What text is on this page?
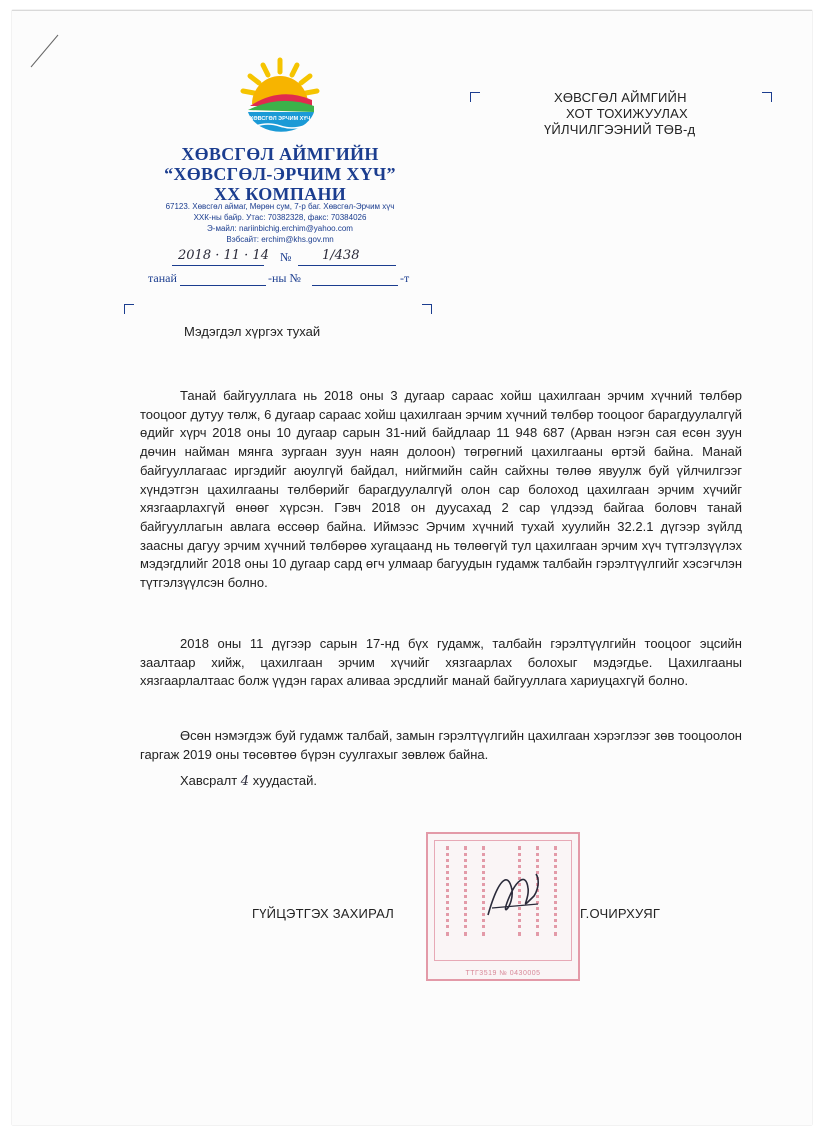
ХӨВСГӨЛ ЭРЧИМ ХҮЧ
ХӨВСГӨЛ АЙМГИЙН
“ХӨВСГӨЛ-ЭРЧИМ ХҮЧ”
ХХ КОМПАНИ
67123. Хөвсгөл аймаг, Мөрөн сум, 7-р баг. Хөвсгөл-Эрчим хүч
ХХК-ны байр. Утас: 70382328, факс: 70384026
Э-майл: nariinbichig.erchim@yahoo.com
Вэбсайт: erchim@khs.gov.mn
2018 · 11 · 14 № 1/438
танай	-ны №	-т
ХӨВСГӨЛ АЙМГИЙН
ХОТ ТОХИЖУУЛАХ
ҮЙЛЧИЛГЭЭНИЙ ТӨВ-д
Мэдэгдэл хүргэх тухай

Танай байгууллага нь 2018 оны 3 дугаар сараас хойш цахилгаан эрчим хүчний төлбөр тооцоог дутуу төлж, 6 дугаар сараас хойш цахилгаан эрчим хүчний төлбөр тооцоог барагдуулалгүй өдийг хүрч 2018 оны 10 дугаар сарын 31-ний байдлаар 11 948 687 (Арван нэгэн сая есөн зуун дөчин найман мянга зургаан зуун наян долоон) төгрөгний цахилгааны өртэй байна. Манай байгууллагаас иргэдийг аюулгүй байдал, нийгмийн сайн сайхны төлөө явуулж буй үйлчилгээг хүндэтгэн цахилгааны төлбөрийг барагдуулалгүй олон сар болоход цахилгаан эрчим хүчийг хязгаарлахгүй өнөөг хүрсэн. Гэвч 2018 он дуусахад 2 сар үлдээд байгаа боловч танай байгууллагын авлага өссөөр байна. Иймээс Эрчим хүчний тухай хуулийн 32.2.1 дүгээр зүйлд заасны дагуу эрчим хүчний төлбөрөө хугацаанд нь төлөөгүй тул цахилгаан эрчим хүч түтгэлзүүлэх мэдэгдлийг 2018 оны 10 дугаар сард өгч улмаар багуудын гудамж талбайн гэрэлтүүлгийг хэсэгчлэн түтгэлзүүлсэн болно.

2018 оны 11 дүгээр сарын 17-нд бүх гудамж, талбайн гэрэлтүүлгийн тооцоог эцсийн заалтаар хийж, цахилгаан эрчим хүчийг хязгаарлах болохыг мэдэгдье. Цахилгааны хязгаарлалтаас болж үүдэн гарах аливаа эрсдлийг манай байгууллага хариуцахгүй болно.

Өсөн нэмэгдэж буй гудамж талбай, замын гэрэлтүүлгийн цахилгаан хэрэглээг зөв тооцоолон гаргаж 2019 оны төсөвтөө бүрэн суулгахыг зөвлөж байна.

Хавсралт 4 хуудастай.
ТТГ3519 № 0430005
ГҮЙЦЭТГЭХ ЗАХИРАЛ	Г.ОЧИРХУЯГ
